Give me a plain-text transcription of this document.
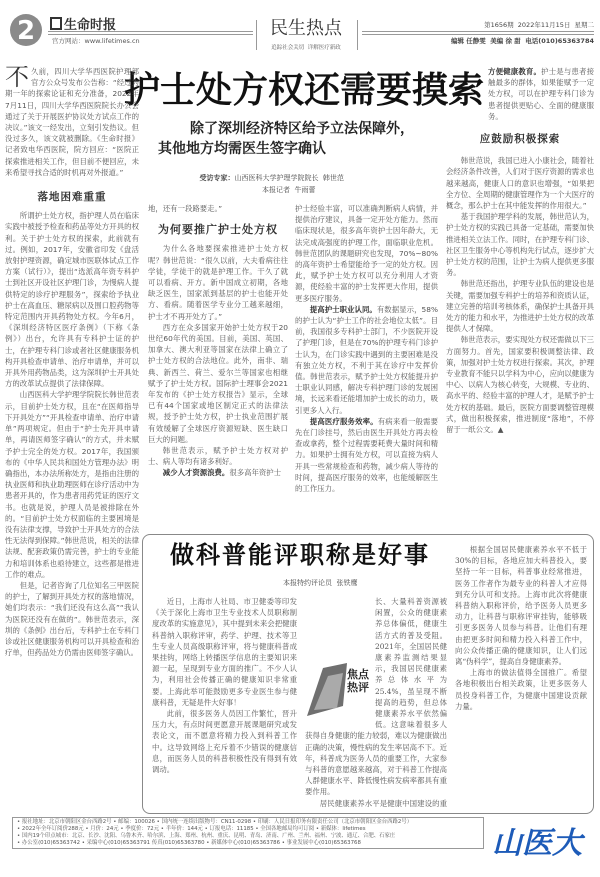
2	生命时报
官方网站：www.lifetimes.cn
民生热点
追踪社会关切  详解医疗新政
第1656期  2022年11月15日  星期二
编辑 任静雯  美编 徐 甜  电话(010)65363784
护士处方权还需要摸索
除了深圳经济特区给予立法保障外，
其他地方均需医生签字确认

受访专家：山西医科大学护理学院院长  韩世范

本报记者  牛雨蕾

不久前，四川大学华西医院护理部官方公众号发布公告称：“经过为期一年的探索论证和充分准备，2022年7月11日，四川大学华西医院院长办公会通过了关于开展医护协议处方试点工作的决议。”该文一经发出，立刻引发热议。但没过多久，该文就被删除。《生命时报》记者致电华西医院，院方回应：“医院正探索推进相关工作，但目前不便回应，未来希望寻找合适的时机再对外报道。”

落地困难重重

所谓护士处方权，指护理人员在临床实践中被授予检查和药品等处方开具的权利。关于护士处方权的探索，此前就有过。例如，2017年，安徽省印发《盘活放射护理资源，确定城市医联体试点工作方案（试行）》，提出“选派高年资专科护士到社区开设社区护理门诊，为慢病人提供特定的诊疗护理服务”，探索给予执业护士在高血压、糖尿病以及围口腔药物等特定范围内开具药物处方权。今年6月，《深圳经济特区医疗条例》（下称《条例》）出台，允许具有专科护士证的护士，在护理专科门诊或者社区健康服务机构开具检查申请单、治疗申请单，并可以开具外用药物品类，这为深圳护士开具处方的改革试点提供了法律保障。

山西医科大学护理学院院长韩世范表示，目前护士处方权，且在“在医师指导下开具处方”“开具检查申请单、治疗申请单”两项规定。但由于“护士先开具申请单，再请医师签字确认”的方式，并未赋予护士完全的处方权。2017年，我国颁布的《中华人民共和国处方管理办法》明确指出，本办法所称处方，是指由注册的执业医师和执业助理医师在诊疗活动中为患者开具的，作为患者用药凭证的医疗文书。也就是说，护理人员是被排除在外的。“目前护士处方权面临的主要困境是没有法律支撑，导致护士开具处方的合法性无法得到保障。”韩世范说，相关的法律法规、配套政策仍需完善，护士的专业能力和培训体系也亟待建立，这些都是推进工作的难点。

但是，记者咨询了几位知名三甲医院的护士，了解到开具处方权的落地情况，她们均表示：“我们还没有这么高”“我认为医院还没有在做的”。韩世范表示，深圳的《条例》出台后，专科护士在专科门诊或社区健康服务机构可以开具检查和治疗单，但药品处方仍需由医师签字确认。

地，还有一段路要走。”

为何要推广护士处方权

为什么各地要探索推进护士处方权呢？韩世范说：“很久以前，大夫看病往往学徒，学徒干的就是护理工作。干久了就可以看病、开方。新中国成立初期，各地缺乏医生，国家派到基层的护士也能开处方、看病。随着医学专业分工越来越细，护士才不再开处方了。”

西方在众多国家开始护士处方权于20世纪60年代的美国。目前，美国、英国、加拿大、澳大利亚等国家在法律上确立了护士处方权的合法地位。此外，南非、瑞典、新西兰、荷兰、爱尔兰等国家也相继赋予了护士处方权。国际护士理事会2021年发布的《护士处方权报告》显示，全球已有44个国家或地区制定正式的法律法规，授予护士处方权，护士执业范围扩展有效缓解了全球医疗资源短缺、医生缺口巨大的问题。

韩世范表示，赋予护士处方权对护士、病人等均有诸多利好。

减少人才资源浪费。很多高年资护士

护士经验丰富，可以准确判断病人病情，并提供治疗建议，具备一定开处方能力。然而临床现状是，很多高年资护士因年龄大，无法完成高强度的护理工作，面临职业危机。韩世范团队的课题研究也发现，70%~80%的高年资护士希望能给予一定的处方权。因此，赋予护士处方权可以充分利用人才资源，使经验丰富的护士发挥更大作用，提供更多医疗服务。

提高护士职业认同。有数据显示，58%的护士认为“护士工作的社会地位太低”。目前，我国很多专科护士部门，不少医院开设了护理门诊，但是在70%的护理专科门诊护士认为，在门诊实践中遇到的主要困难是没有独立处方权，不利于其在诊疗中发挥价值。韩世范表示，赋予护士处方权能提升护士职业认同感，解决专科护理门诊的发展困境，长远来看还能增加护士成长的动力，吸引更多人入行。

提高医疗服务效率。有病来看一般需要先在门诊挂号，然后由医生开具处方再去检查或拿药，整个过程需要耗费大量时间和精力。如果护士拥有处方权，可以直接为病人开具一些常规检查和药物，减少病人等待的时间，提高医疗服务的效率，也能缓解医生的工作压力。

方便健康教育。护士是与患者接触最多的群体，如果能赋予一定处方权，可以在护理专科门诊为患者提供更贴心、全面的健康服务。

应鼓励积极探索

韩世范说，我国已进入小康社会，随着社会经济条件改善，人们对于医疗资源的需求也越来越高，健康人口的意识也增强，“如果把全方位、全周期的健康管理作为一个大医疗的概念，那么护士在其中能发挥的作用很大。”

基于我国护理学科的发展，韩世范认为，护士处方权的实践已具备一定基础，需要加快推进相关立法工作。同时，在护理专科门诊、社区卫生服务中心等机构先行试点，逐步扩大护士处方权的范围，让护士为病人提供更多服务。

韩世范还指出，护理专业队伍的建设也是关键，需要加强专科护士的培养和资质认证，建立完善的培训考核体系，确保护士具备开具处方的能力和水平，为推进护士处方权的改革提供人才保障。

韩世范表示，要实现处方权还需做以下三方面努力。首先，国家要积极调整法律、政策，加强对护士处方权进行探索。其次，护理专业教育不能只以学科为中心，应向以健康为中心、以病人为核心转变，大规模、专业的、高水平的、经验丰富的护理人才，是赋予护士处方权的基础。最后，医院方面要调整管理模式，做出积极探索，推进制度“落地”，不停留于一纸公文。▲

做科普能评职称是好事
本报特约评论员  张铁鹰

近日，上海市人社局、市卫健委等印发《关于深化上海市卫生专业技术人员职称制度改革的实施意见》，其中提到未来会把健康科普纳入职称评审，药学、护理、技术等卫生专业人员高级职称评审，将与健康科普成果挂钩，网络上转播医学信息的主要知识来源一起，呈现到专业方面的推广。不少人认为，利用社会传播正确的健康知识非常重要。上海此举可能鼓励更多专业医生参与健康科普，无疑是件大好事！

此前，很多医务人员因工作繁忙，晋升压力大，有点时间更愿意开展课题研究或发表论文，而不愿意将精力投入到科普工作中。这导致网络上充斥着不少错误的健康信息，而医务人员的科普积极性没有得到有效调动。

焦点 热评

长、大量科普资源被闲置，公众的健康素养总体偏低，健康生活方式的普及受阻。2021年，全国居民健康素养监测结果显示，我国居民健康素养总体水平为25.4%，虽呈现不断提高的趋势，但总体健康素养水平依然偏低。这意味着很多人获得自身健康的能力较弱，难以为健康做出正确的决策，慢性病的发生率居高不下。近年，科普成为医务人员的重要工作，大家参与科普的意愿越来越高，对于科普工作提高人群健康水平、降低慢性病发病率都具有重要作用。

居民健康素养水平是健康中国建设的重

根据全国居民健康素养水平不低于30%的目标，各地应加大科普投入，要坚持一年一目标，科普事业经常推进，医务工作者作为最专业的科普人才应得到充分认可和支持。上海市此次将健康科普纳入职称评价，给予医务人员更多动力，让科普与职称评审挂钩，能够吸引更多医务人员参与科普。让他们有理由把更多时间和精力投入科普工作中，向公众传播正确的健康知识，让人们远离“伪科学”，提高自身健康素养。

上海市的做法值得全国推广。希望各地积极出台相关政策，让更多医务人员投身科普工作，为健康中国建设贡献力量。

• 报社地址：北京市朝阳区金台西路2号 • 邮编：100026 • 国内统一连续出版物号：CN11-0298 • 印刷：人民日报印务有限责任公司（北京市朝阳区金台西路2号）
• 2022年全年订阅价288元 • 月价：24元 • 季度价：72元 • 半年价：144元 • 订报电话：11185 • 全国各地邮局均可订阅 • 新媒体：lifetimes
• 国内19个印点城市：北京、长沙、沈阳、乌鲁木齐、哈尔滨、上海、郑州、杭州、重庆、昆明、青岛、济南、广州、兰州、福州、宁波、通辽、合肥、石家庄
• 办公室(010)65363742 • 采编中心(010)65363791 传真(010)65363780 • 新媒体中心(010)65363786 • 事业发展中心(010)65363768	山医大
